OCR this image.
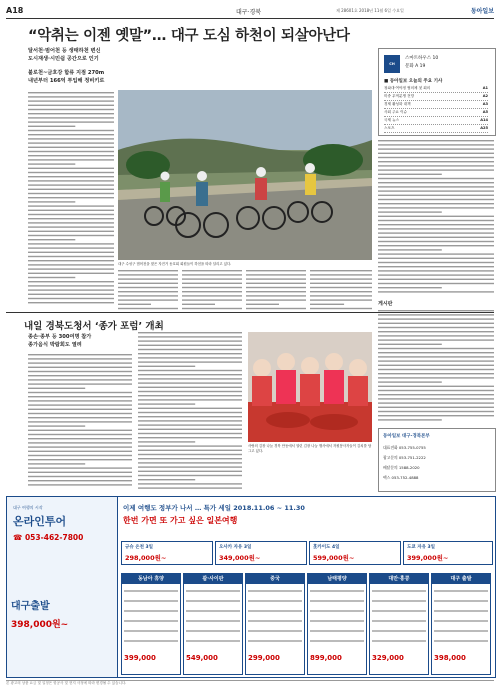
A18	대구·경북	제 28601호 2018년 11월 6일 수요일	동아일보
“악취는 이젠 옛말”… 대구 도심 하천이 되살아난다
달서천·범어천 등 생태하천 변신
도시재생·시민쉼 공간으로 인기
불로천~금호강 합류 지점 270m
내년부터 166억 투입해 정비키로
대구 수성구 범어천을 찾은 자전거 동호회 회원들이 하천을 따라 달리고 있다.
CH
스마트하우스 10
문화 A 19
■ 동아일보 오늘의 주요 기사
청와대·여야정 협의체 첫 회의	A1
미중 무역분쟁 전망	A2
경제 활성화 대책	A3
사회 주요 이슈	A5
국제 뉴스	A14
스포츠	A25
내일 경북도청서 ‘종가 포럼’ 개최
종손·종부 등 300여명 참가
종가음식 박람회도 열려
사랑의 김장 나눔 경북 안동에서 열린 김장 나눔 행사에서 자원봉사자들이 김치를 담그고 있다.
게시판
동아일보 대구·경북본부
대표전화 053-755-0755
광고문의 053-751-2222
배달문의 1588-2020
팩스 053-752-4888
대구 여행의 시작
온라인투어
☎ 053-462-7800
대구출발
398,000원~
이제 여행도 정부가 나서 … 특가 세일 2018.11.06 ~ 11.30
한번 가면 또 가고 싶은 일본여행
규슈 온천 3일
298,000원~
오사카 자유 3일
349,000원~
홋카이도 4일
599,000원~
도쿄 자유 3일
399,000원~
동남아 휴양
399,000
괌·사이판
549,000
중국
299,000
남태평양
899,000
대만·홍콩
329,000
대구 출발
398,000
본 광고의 상품 요금 및 일정은 항공사 및 현지 사정에 따라 변경될 수 있습니다.
